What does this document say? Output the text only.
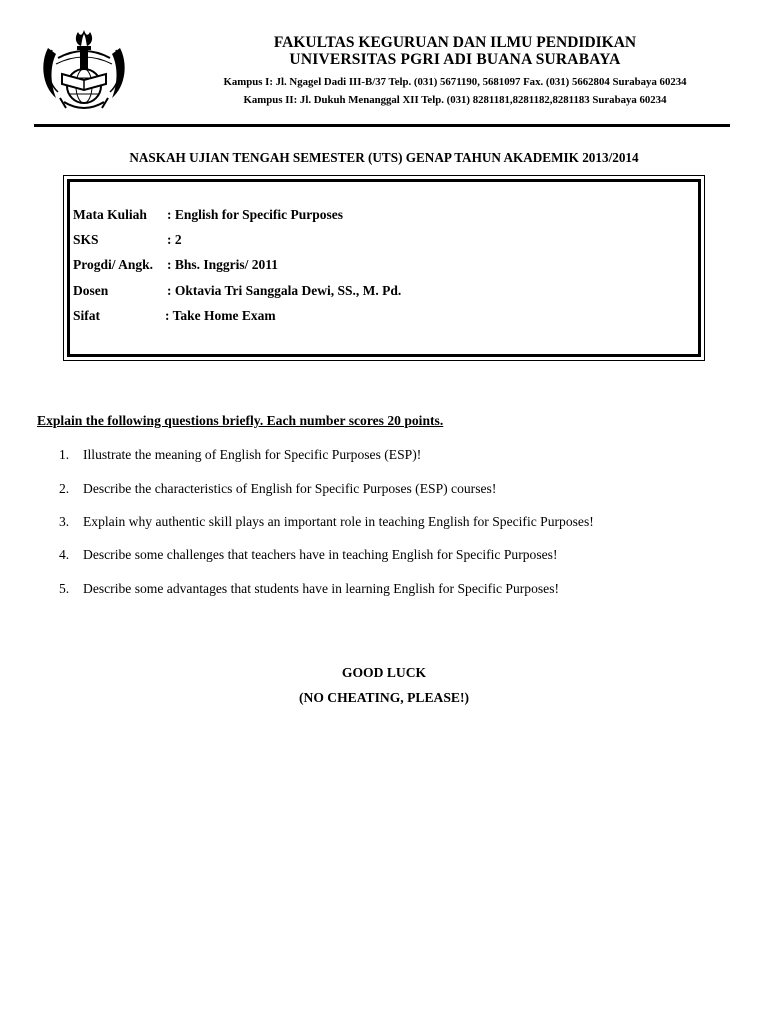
FAKULTAS KEGURUAN DAN ILMU PENDIDIKAN
UNIVERSITAS PGRI ADI BUANA SURABAYA
Kampus I: Jl. Ngagel Dadi III-B/37 Telp. (031) 5671190, 5681097 Fax. (031) 5662804 Surabaya 60234
Kampus II: Jl. Dukuh Menanggal XII Telp. (031) 8281181,8281182,8281183 Surabaya 60234
NASKAH UJIAN TENGAH SEMESTER (UTS) GENAP TAHUN AKADEMIK 2013/2014
Mata Kuliah : English for Specific Purposes
SKS	: 2
Progdi/ Angk. : Bhs. Inggris/ 2011
Dosen	: Oktavia Tri Sanggala Dewi, SS., M. Pd.
Sifat	: Take Home Exam
Explain the following questions briefly. Each number scores 20 points.
1. Illustrate the meaning of English for Specific Purposes (ESP)!
2. Describe the characteristics of English for Specific Purposes (ESP) courses!
3. Explain why authentic skill plays an important role in teaching English for Specific Purposes!
4. Describe some challenges that teachers have in teaching English for Specific Purposes!
5. Describe some advantages that students have in learning English for Specific Purposes!
GOOD LUCK
(NO CHEATING, PLEASE!)
